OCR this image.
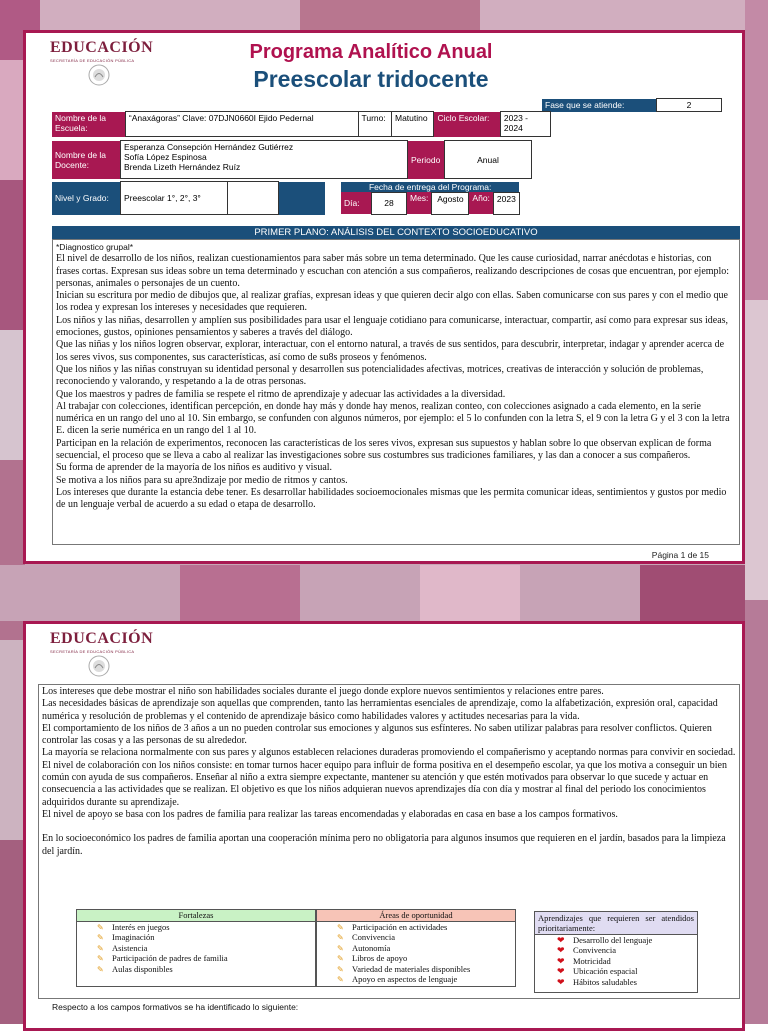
EDUCACIÓN
SECRETARÍA DE EDUCACIÓN PÚBLICA	Programa Analítico Anual
Preescolar tridocente
Fase que se atiende:	2
Nombre de la Escuela:	“Anaxágoras” Clave: 07DJN0660I Ejido Pedernal	Turno:	Matutino	Ciclo Escolar:	2023 - 2024	
Nombre de la Docente:	
Esperanza Consepción Hernández Gutiérrez
Sofía López Espinosa
Brenda Lizeth Hernández Ruíz
	Periodo	Anual
Nivel y Grado:	Preescolar 1°, 2°, 3°				
Fecha de entrega del Programa:
Día:	28	Mes:	Agosto	Año:	2023
PRIMER PLANO: ANÁLISIS DEL CONTEXTO SOCIOEDUCATIVO

*Diagnostico grupal*

El nivel de desarrollo de los niños, realizan cuestionamientos para saber más sobre un tema determinado. Que les cause curiosidad, narrar anécdotas e historias, con frases cortas. Expresan sus ideas sobre un tema determinado y escuchan con atención a sus compañeros, realizando descripciones de cosas que encuentran, por ejemplo: personas, animales o personajes de un cuento.

Inician su escritura por medio de dibujos que, al realizar grafías, expresan ideas y que quieren decir algo con ellas. Saben comunicarse con sus pares y con el medio que los rodea y expresan los intereses y necesidades que requieren.

Los niños y las niñas, desarrollen y amplíen sus posibilidades para usar el lenguaje cotidiano para comunicarse, interactuar, compartir, así como para expresar sus ideas, emociones, gustos, opiniones pensamientos y saberes a través del diálogo.

Que las niñas y los niños logren observar, explorar, interactuar, con el entorno natural, a través de sus sentidos, para descubrir, interpretar, indagar y aprender acerca de los seres vivos, sus componentes, sus características, así como de su8s proseos y fenómenos.

Que los niños y las niñas construyan su identidad personal y desarrollen sus potencialidades afectivas, motrices, creativas de interacción y solución de problemas, reconociendo y valorando, y respetando a la de otras personas.

Que los maestros y padres de familia se respete el ritmo de aprendizaje y adecuar las actividades a la diversidad.

Al trabajar con colecciones, identifican percepción, en donde hay más y donde hay menos, realizan conteo, con colecciones asignado a cada elemento, en la serie numérica en un rango del uno al 10. Sin embargo, se confunden con algunos números, por ejemplo: el 5 lo confunden con la letra S, el 9 con la letra G y el 3 con la letra E. dicen la serie numérica en un rango del 1 al 10.

Participan en la relación de experimentos, reconocen las características de los seres vivos, expresan sus supuestos y hablan sobre lo que observan explican de forma secuencial, el proceso que se lleva a cabo al realizar las investigaciones sobre sus costumbres sus tradiciones familiares, y las dan a conocer a sus compañeros.

Su forma de aprender de la mayoría de los niños es auditivo y visual.

Se motiva a los niños para su apre3ndizaje por medio de ritmos y cantos.

Los intereses que durante la estancia debe tener. Es desarrollar habilidades socioemocionales mismas que les permita comunicar ideas, sentimientos y gustos por medio de un lenguaje verbal de acuerdo a su edad o etapa de desarrollo.

Página 1 de 15
EDUCACIÓN
SECRETARÍA DE EDUCACIÓN PÚBLICA

Los intereses que debe mostrar el niño son habilidades sociales durante el juego donde explore nuevos sentimientos y relaciones entre pares.

Las necesidades básicas de aprendizaje son aquellas que comprenden, tanto las herramientas esenciales de aprendizaje, como la alfabetización, expresión oral, capacidad numérica y resolución de problemas y el contenido de aprendizaje básico como habilidades valores y actitudes necesarias para la vida.

El comportamiento de los niños de 3 años a un no pueden controlar sus emociones y algunos sus esfínteres. No saben utilizar palabras para resolver conflictos. Quieren controlar las cosas y a las personas de su alrededor.

La mayoría se relaciona normalmente con sus pares y algunos establecen relaciones duraderas promoviendo el compañerismo y aceptando normas para convivir en sociedad.

El nivel de colaboración con los niños consiste: en tomar turnos hacer equipo para influir de forma positiva en el desempeño escolar, ya que los motiva a conseguir un bien común con ayuda de sus compañeros. Enseñar al niño a extra siempre expectante, mantener su atención y que estén motivados para observar lo que sucede y actuar en consecuencia a las actividades que se realizan. El objetivo es que los niños adquieran nuevos aprendizajes día con día y mostrar al final del periodo los conocimientos adquiridos durante su aprendizaje.

El nivel de apoyo se basa con los padres de familia para realizar las tareas encomendadas y elaboradas en casa en base a los campos formativos.

En lo socioeconómico los padres de familia aportan una cooperación mínima pero no obligatoria para algunos insumos que requieren en el jardín, basados para la limpieza del jardín.

Fortalezas
✎ Interés en juegos
✎ Imaginación
✎ Asistencia
✎ Participación de padres de familia
✎ Aulas disponibles
Áreas de oportunidad
✎ Participación en actividades
✎ Convivencia
✎ Autonomía
✎ Libros de apoyo
✎ Variedad de materiales disponibles
✎ Apoyo en aspectos de lenguaje
Aprendizajes que requieren ser atendidos prioritariamente:
❤ Desarrollo del lenguaje
❤ Convivencia
❤ Motricidad
❤ Ubicación espacial
❤ Hábitos saludables
Respecto a los campos formativos se ha identificado lo siguiente:
